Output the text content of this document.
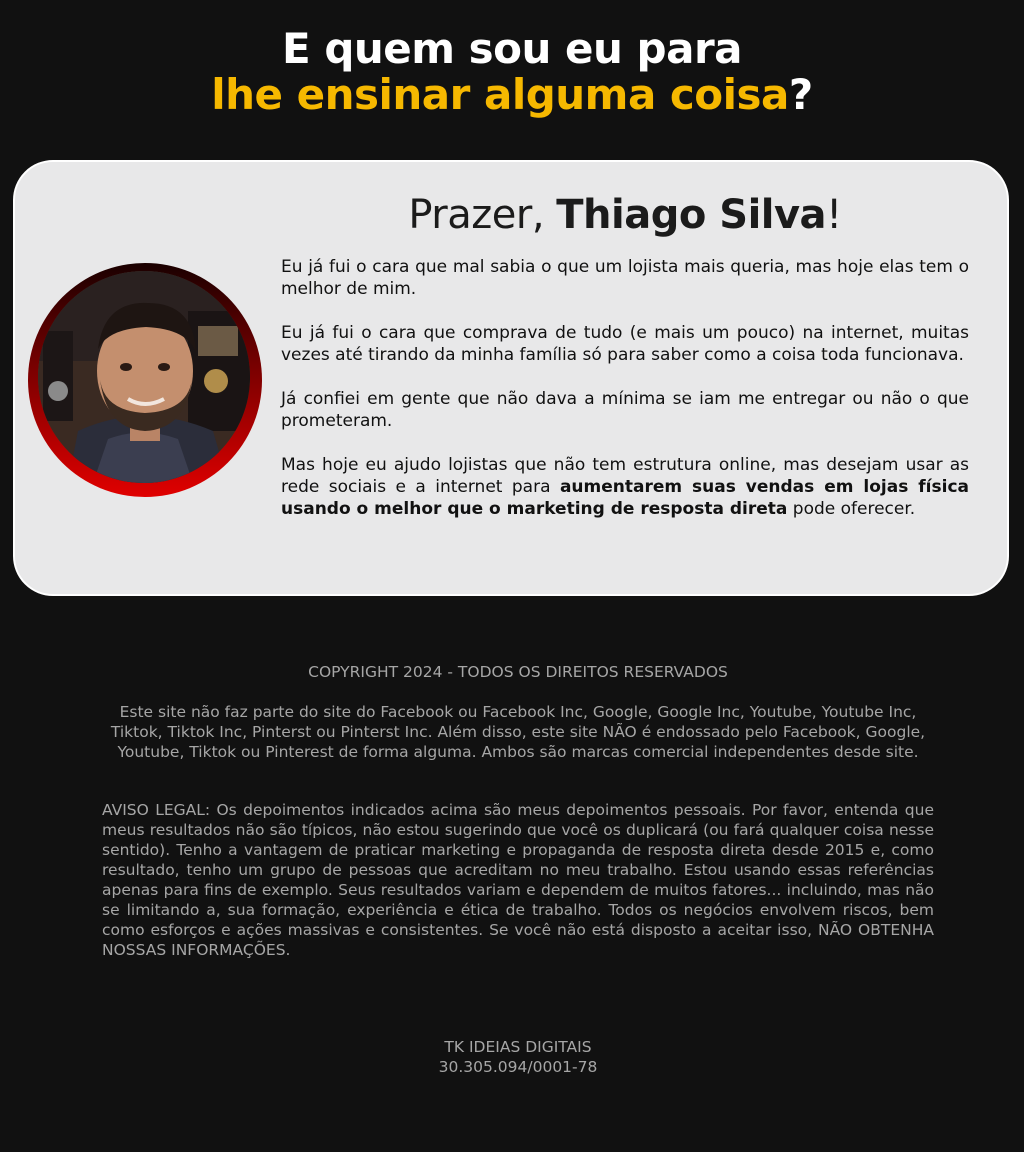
E quem sou eu para
lhe ensinar alguma coisa?
Prazer, Thiago Silva!

Eu já fui o cara que mal sabia o que um lojista mais queria, mas hoje elas tem o melhor de mim.

Eu já fui o cara que comprava de tudo (e mais um pouco) na internet, muitas vezes até tirando da minha família só para saber como a coisa toda funcionava.

Já confiei em gente que não dava a mínima se iam me entregar ou não o que prometeram.

Mas hoje eu ajudo lojistas que não tem estrutura online, mas desejam usar as rede sociais e a internet para aumentarem suas vendas em lojas física usando o melhor que o marketing de resposta direta pode oferecer.

COPYRIGHT 2024 - TODOS OS DIREITOS RESERVADOS
Este site não faz parte do site do Facebook ou Facebook Inc, Google, Google Inc, Youtube, Youtube Inc, Tiktok, Tiktok Inc, Pinterst ou Pinterst Inc. Além disso, este site NÃO é endossado pelo Facebook, Google, Youtube, Tiktok ou Pinterest de forma alguma. Ambos são marcas comercial independentes desde site.
AVISO LEGAL: Os depoimentos indicados acima são meus depoimentos pessoais. Por favor, entenda que meus resultados não são típicos, não estou sugerindo que você os duplicará (ou fará qualquer coisa nesse sentido). Tenho a vantagem de praticar marketing e propaganda de resposta direta desde 2015 e, como resultado, tenho um grupo de pessoas que acreditam no meu trabalho. Estou usando essas referências apenas para fins de exemplo. Seus resultados variam e dependem de muitos fatores... incluindo, mas não se limitando a, sua formação, experiência e ética de trabalho. Todos os negócios envolvem riscos, bem como esforços e ações massivas e consistentes. Se você não está disposto a aceitar isso, NÃO OBTENHA NOSSAS INFORMAÇÕES.
TK IDEIAS DIGITAIS
30.305.094/0001-78
